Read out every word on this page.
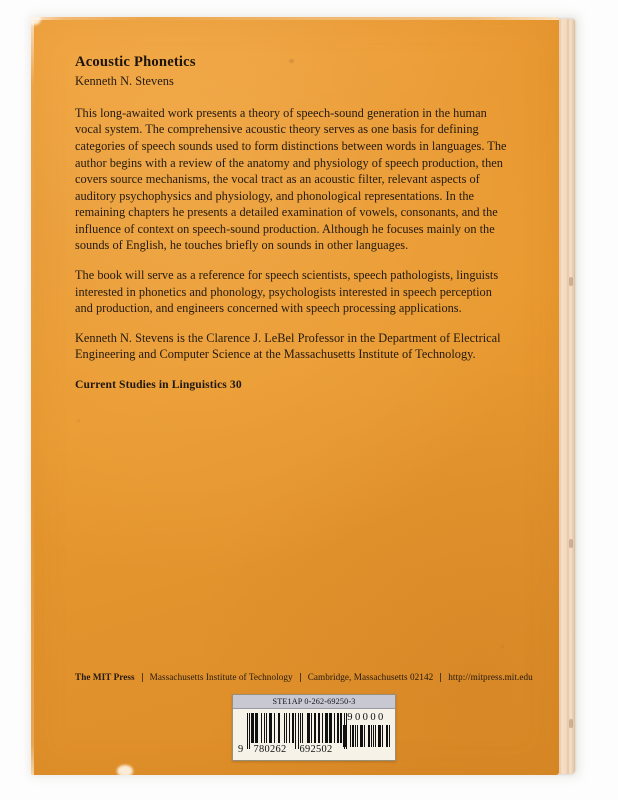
Acoustic Phonetics
Kenneth N. Stevens

This long-awaited work presents a theory of speech-sound generation in the human vocal system. The comprehensive acoustic theory serves as one basis for defining categories of speech sounds used to form distinctions between words in languages. The author begins with a review of the anatomy and physiology of speech production, then covers source mechanisms, the vocal tract as an acoustic filter, relevant aspects of auditory psychophysics and physiology, and phonological representations. In the remaining chapters he presents a detailed examination of vowels, consonants, and the influence of context on speech-sound production. Although he focuses mainly on the sounds of English, he touches briefly on sounds in other languages.

The book will serve as a reference for speech scientists, speech pathologists, linguists interested in phonetics and phonology, psychologists interested in speech perception and production, and engineers concerned with speech processing applications.

Kenneth N. Stevens is the Clarence J. LeBel Professor in the Department of Electrical Engineering and Computer Science at the Massachusetts Institute of Technology.

Current Studies in Linguistics 30
The MIT Press Massachusetts Institute of Technology Cambridge, Massachusetts 02142 http://mitpress.mit.edu
STE1AP 0-262-69250-3
9 780262	692502
90000
